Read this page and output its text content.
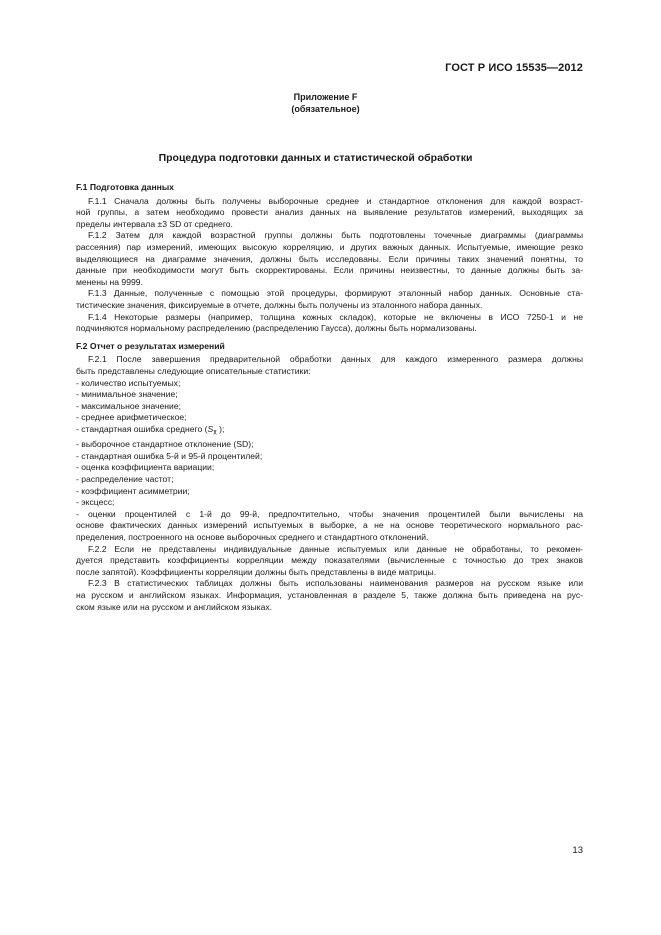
ГОСТ Р ИСО 15535—2012
Приложение F
(обязательное)
Процедура подготовки данных и статистической обработки
F.1 Подготовка данных
F.1.1 Сначала должны быть получены выборочные среднее и стандартное отклонения для каждой возраст-
ной группы, а затем необходимо провести анализ данных на выявление результатов измерений, выходящих за
пределы интервала ±3 SD от среднего.
F.1.2 Затем для каждой возрастной группы должны быть подготовлены точечные диаграммы (диаграммы
рассеяния) пар измерений, имеющих высокую корреляцию, и других важных данных. Испытуемые, имеющие резко
выделяющиеся на диаграмме значения, должны быть исследованы. Если причины таких значений понятны, то
данные при необходимости могут быть скорректированы. Если причины неизвестны, то данные должны быть за-
менены на 9999.
F.1.3 Данные, полученные с помощью этой процедуры, формируют эталонный набор данных. Основные ста-
тистические значения, фиксируемые в отчете, должны быть получены из эталонного набора данных.
F.1.4 Некоторые размеры (например, толщина кожных складок), которые не включены в ИСО 7250-1 и не
подчиняются нормальному распределению (распределению Гаусса), должны быть нормализованы.
F.2 Отчет о результатах измерений
F.2.1 После завершения предварительной обработки данных для каждого измеренного размера должны
быть представлены следующие описательные статистики:
- количество испытуемых;
- минимальное значение;
- максимальное значение;
- среднее арифметическое;
- стандартная ошибка среднего ($S_{x̄}$ );
- выборочное стандартное отклонение (SD);
- стандартная ошибка 5-й и 95-й процентилей;
- оценка коэффициента вариации;
- распределение частот;
- коэффициент асимметрии;
- эксцесс;
- оценки процентилей с 1-й до 99-й, предпочтительно, чтобы значения процентилей были вычислены на
основе фактических данных измерений испытуемых в выборке, а не на основе теоретического нормального рас-
пределения, построенного на основе выборочных среднего и стандартного отклонений.
F.2.2 Если не представлены индивидуальные данные испытуемых или данные не обработаны, то рекомен-
дуется представить коэффициенты корреляции между показателями (вычисленные с точностью до трех знаков
после запятой). Коэффициенты корреляции должны быть представлены в виде матрицы.
F.2.3 В статистических таблицах должны быть использованы наименования размеров на русском языке или
на русском и английском языках. Информация, установленная в разделе 5, также должна быть приведена на рус-
ском языке или на русском и английском языках.
13
